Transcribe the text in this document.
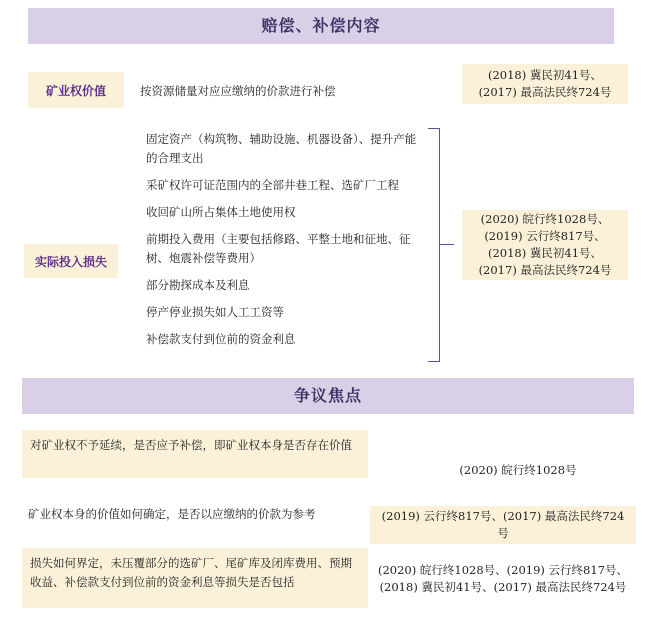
赔偿、补偿内容
矿业权价值	按资源储量对应应缴纳的价款进行补偿
(2018) 冀民初41号、
(2017) 最高法民终724号
实际投入损失
固定资产（构筑物、辅助设施、机器设备）、提升产能的合理支出
采矿权许可证范围内的全部井巷工程、选矿厂工程
收回矿山所占集体土地使用权
前期投入费用（主要包括修路、平整土地和征地、征树、炮震补偿等费用）
部分勘探成本及利息
停产停业损失如人工工资等
补偿款支付到位前的资金利息
(2020) 皖行终1028号、
(2019) 云行终817号、
(2018) 冀民初41号、
(2017) 最高法民终724号
争议焦点
对矿业权不予延续，是否应予补偿，即矿业权本身是否存在价值
(2020) 皖行终1028号
矿业权本身的价值如何确定，是否以应缴纳的价款为参考	(2019) 云行终817号、(2017) 最高法民终724号
损失如何界定，未压覆部分的选矿厂、尾矿库及闭库费用、预期收益、补偿款支付到位前的资金利息等损失是否包括
(2020) 皖行终1028号、(2019) 云行终817号、(2018) 冀民初41号、(2017) 最高法民终724号
